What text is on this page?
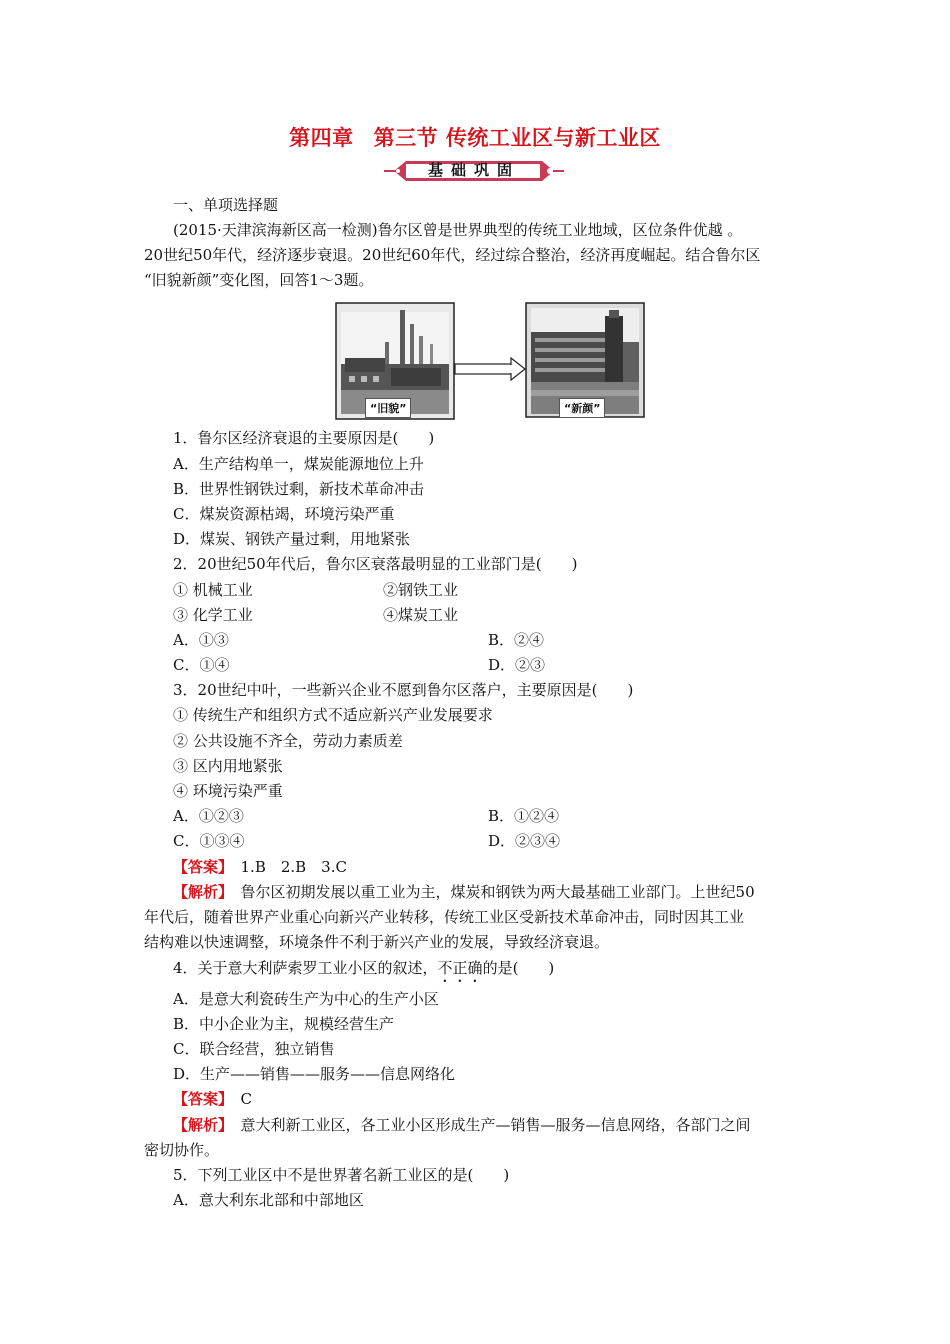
第四章 第三节 传统工业区与新工业区
基础巩固
一、单项选择题
(2015·天津滨海新区高一检测)鲁尔区曾是世界典型的传统工业地域，区位条件优越 。
20世纪50年代，经济逐步衰退。20世纪60年代，经过综合整治，经济再度崛起。结合鲁尔区
“旧貌新颜”变化图，回答1～3题。
“旧貌”	“新颜”
1．鲁尔区经济衰退的主要原因是(　　)
A．生产结构单一，煤炭能源地位上升
B．世界性钢铁过剩，新技术革命冲击
C．煤炭资源枯竭，环境污染严重
D．煤炭、钢铁产量过剩，用地紧张
2．20世纪50年代后，鲁尔区衰落最明显的工业部门是(　　)
① 机械工业	②钢铁工业
③ 化学工业	④煤炭工业
A．①③	B．②④
C．①④	D．②③
3．20世纪中叶，一些新兴企业不愿到鲁尔区落户，主要原因是(　　)
① 传统生产和组织方式不适应新兴产业发展要求
② 公共设施不齐全，劳动力素质差
③ 区内用地紧张
④ 环境污染严重
A．①②③	B．①②④
C．①③④	D．②③④
【答案】　1.B　2.B　3.C
【解析】　鲁尔区初期发展以重工业为主，煤炭和钢铁为两大最基础工业部门。上世纪50
年代后，随着世界产业重心向新兴产业转移，传统工业区受新技术革命冲击，同时因其工业
结构难以快速调整，环境条件不利于新兴产业的发展，导致经济衰退。
4．关于意大利萨索罗工业小区的叙述，不正确的是(　　)
A．是意大利瓷砖生产为中心的生产小区
B．中小企业为主，规模经营生产
C．联合经营，独立销售
D．生产——销售——服务——信息网络化
【答案】　C
【解析】　意大利新工业区，各工业小区形成生产—销售—服务—信息网络，各部门之间
密切协作。
5．下列工业区中不是世界著名新工业区的是(　　)
A．意大利东北部和中部地区
